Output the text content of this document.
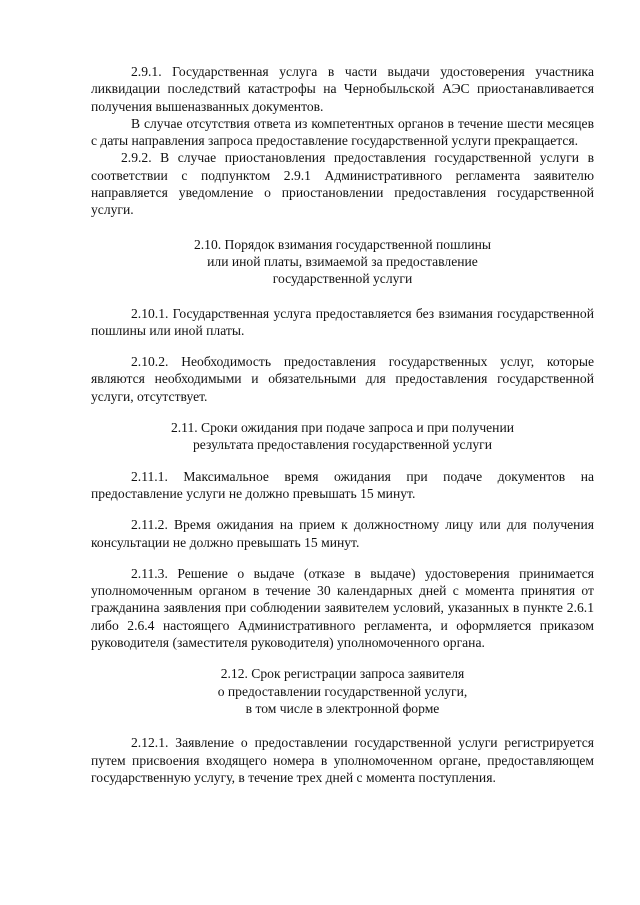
2.9.1. Государственная услуга в части выдачи удостоверения участника ликвидации последствий катастрофы на Чернобыльской АЭС приостанавливается получения вышеназванных документов.

В случае отсутствия ответа из компетентных органов в течение шести месяцев с даты направления запроса предоставление государственной услуги прекращается.

2.9.2. В случае приостановления предоставления государственной услуги в соответствии с подпунктом 2.9.1 Административного регламента заявителю направляется уведомление о приостановлении предоставления государственной услуги.

2.10. Порядок взимания государственной пошлины
или иной платы, взимаемой за предоставление
государственной услуги

2.10.1. Государственная услуга предоставляется без взимания государственной пошлины или иной платы.

2.10.2. Необходимость предоставления государственных услуг, которые являются необходимыми и обязательными для предоставления государственной услуги, отсутствует.

2.11. Сроки ожидания при подаче запроса и при получении
результата предоставления государственной услуги

2.11.1. Максимальное время ожидания при подаче документов на предоставление услуги не должно превышать 15 минут.

2.11.2. Время ожидания на прием к должностному лицу или для получения консультации не должно превышать 15 минут.

2.11.3. Решение о выдаче (отказе в выдаче) удостоверения принимается уполномоченным органом в течение 30 календарных дней с момента принятия от гражданина заявления при соблюдении заявителем условий, указанных в пункте 2.6.1 либо 2.6.4 настоящего Административного регламента, и оформляется приказом руководителя (заместителя руководителя) уполномоченного органа.

2.12. Срок регистрации запроса заявителя
о предоставлении государственной услуги,
в том числе в электронной форме

2.12.1. Заявление о предоставлении государственной услуги регистрируется путем присвоения входящего номера в уполномоченном органе, предоставляющем государственную услугу, в течение трех дней с момента поступления.
